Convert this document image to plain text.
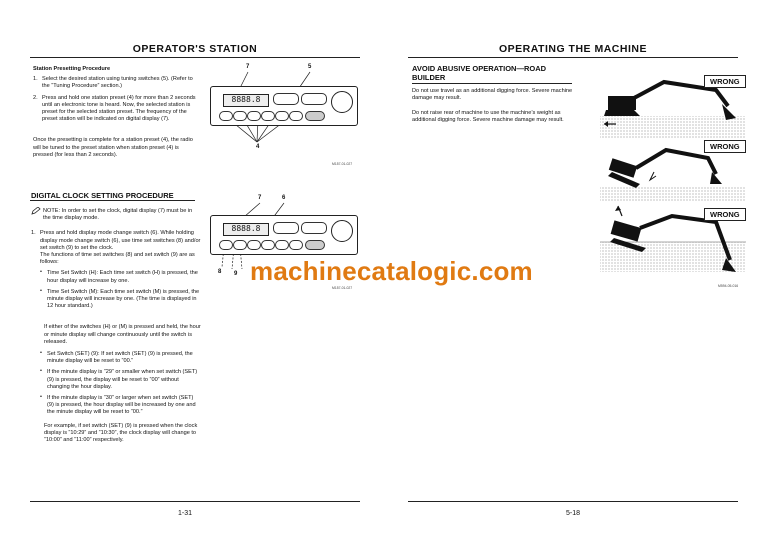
OPERATOR'S STATION
Station Presetting Procedure
1. Select the desired station using tuning switches (5). (Refer to the “Tuning Procedure” section.)
2. Press and hold one station preset (4) for more than 2 seconds until an electronic tone is heard. Now, the selected station is preset for the selected station preset. The frequency of the preset station will be indicated on digital display (7).
Once the presetting is complete for a station preset (4), the radio will be tuned to the preset station when station preset (4) is pressed (for less than 2 seconds).
7	5
8888.8
4
M157-01-027
DIGITAL CLOCK SETTING PROCEDURE
NOTE: In order to set the clock, digital display (7) must be in the time display mode.
1. Press and hold display mode change switch (6). While holding display mode change switch (6), use time set switches (8) and/or set switch (9) to set the clock.
The functions of time set switches (8) and set switch (9) are as follows:
• Time Set Switch (H): Each time set switch (H) is pressed, the hour display will increase by one.
• Time Set Switch (M): Each time set switch (M) is pressed, the minute display will increase by one. (The time is displayed in 12 hour standard.)
If either of the switches (H) or (M) is pressed and held, the hour or minute display will change continuously until the switch is released.
• Set Switch (SET) (9): If set switch (SET) (9) is pressed, the minute display will be reset to “00.”
• If the minute display is “29” or smaller when set switch (SET) (9) is pressed, the display will be reset to “00” without changing the hour display.
• If the minute display is “30” or larger when set switch (SET) (9) is pressed, the hour display will be increased by one and the minute display will be reset to “00.”
For example, if set switch (SET) (9) is pressed when the clock display is “10:29” and “10:30”, the clock display will change to “10:00” and “11:00” respectively.
7	6
8888.8
8 9
M157-01-027
1-31
OPERATING THE MACHINE
AVOID ABUSIVE OPERATION—ROAD BUILDER
Do not use travel as an additional digging force. Severe machine damage may result.
Do not raise rear of machine to use the machine’s weight as additional digging force. Severe machine damage may result.
WRONG
WRONG
WRONG
M594-05-016
5-18
machinecatalogic.com
